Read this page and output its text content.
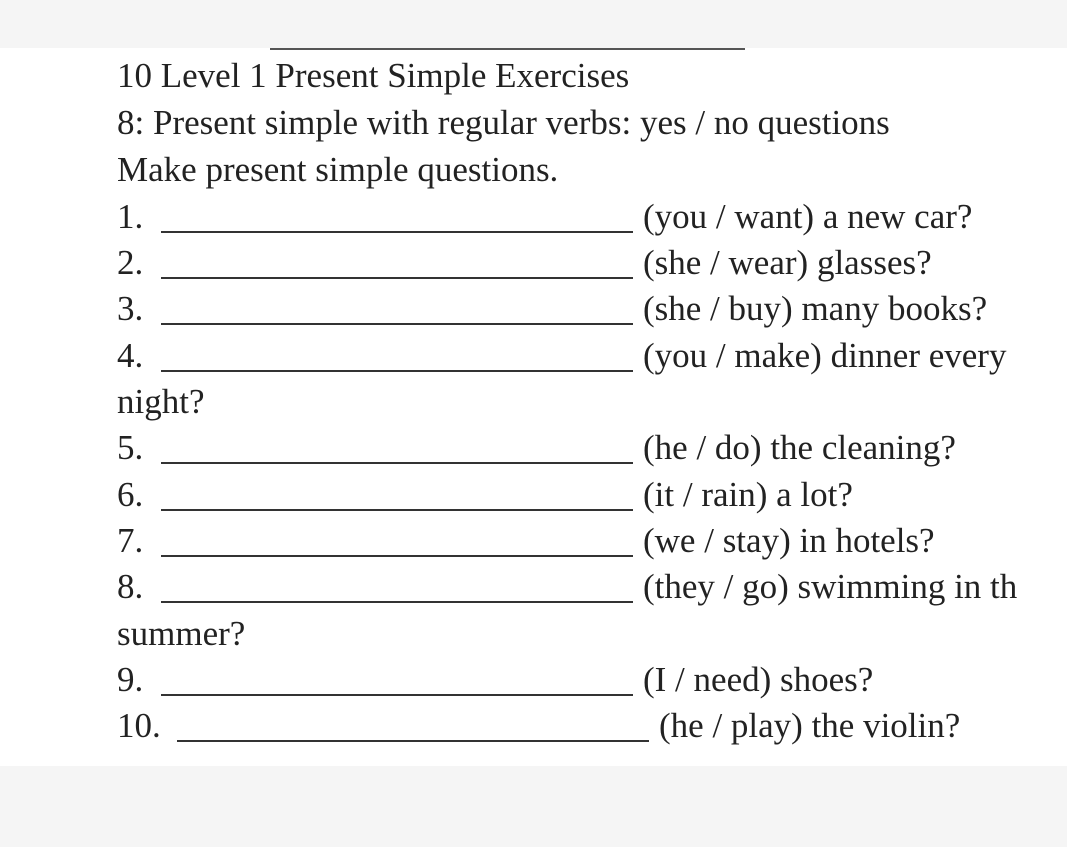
10 Level 1 Present Simple Exercises
8: Present simple with regular verbs: yes / no questions
Make present simple questions.
1.	(you / want) a new car?
2.	(she / wear) glasses?
3.	(she / buy) many books?
4.	(you / make) dinner every
night?
5.	(he / do) the cleaning?
6.	(it / rain) a lot?
7.	(we / stay) in hotels?
8.	(they / go) swimming in th
summer?
9.	(I / need) shoes?
10.	(he / play) the violin?
